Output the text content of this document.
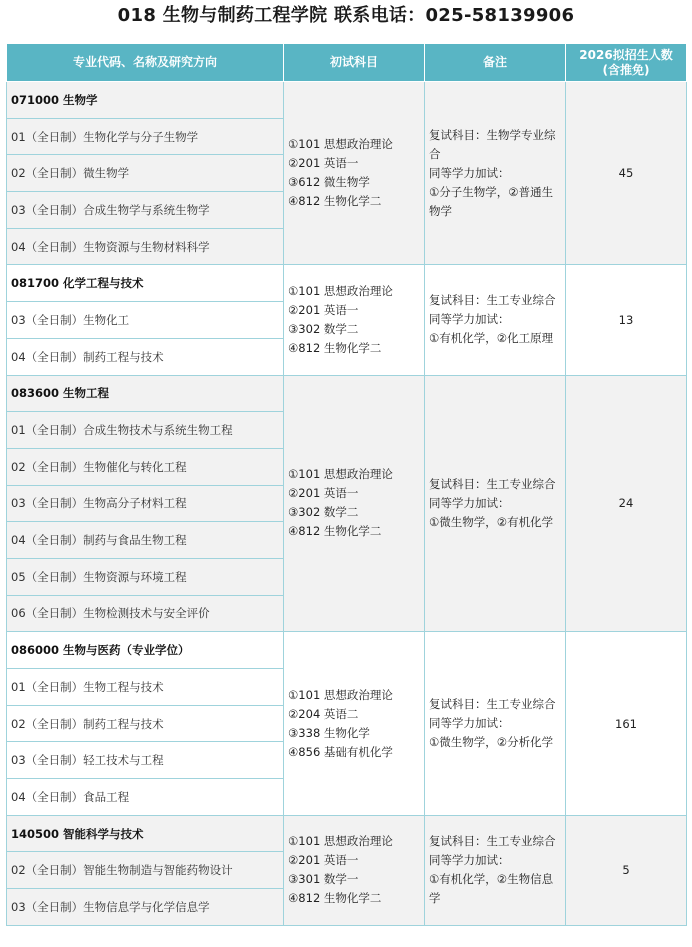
018 生物与制药工程学院 联系电话：025-58139906
专业代码、名称及研究方向	初试科目	备注	2026拟招生人数
(含推免)

071000 生物学	①101 思想政治理论
②201 英语一
③612 微生物学
④812 生物化学二	复试科目：生物学专业综合
同等学力加试：
①分子生物学，②普通生物学	45
01（全日制）生物化学与分子生物学			
02（全日制）微生物学			
03（全日制）合成生物学与系统生物学			
04（全日制）生物资源与生物材料科学			
081700 化学工程与技术	①101 思想政治理论
②201 英语一
③302 数学二
④812 生物化学二	复试科目：生工专业综合
同等学力加试：
①有机化学，②化工原理	13
03（全日制）生物化工			
04（全日制）制药工程与技术			
083600 生物工程	①101 思想政治理论
②201 英语一
③302 数学二
④812 生物化学二	复试科目：生工专业综合
同等学力加试：
①微生物学，②有机化学	24
01（全日制）合成生物技术与系统生物工程			
02（全日制）生物催化与转化工程			
03（全日制）生物高分子材料工程			
04（全日制）制药与食品生物工程			
05（全日制）生物资源与环境工程			
06（全日制）生物检测技术与安全评价			
086000 生物与医药（专业学位）	①101 思想政治理论
②204 英语二
③338 生物化学
④856 基础有机化学	复试科目：生工专业综合
同等学力加试：
①微生物学，②分析化学	161
01（全日制）生物工程与技术			
02（全日制）制药工程与技术			
03（全日制）轻工技术与工程			
04（全日制）食品工程			
140500 智能科学与技术	①101 思想政治理论
②201 英语一
③301 数学一
④812 生物化学二	复试科目：生工专业综合
同等学力加试：
①有机化学，②生物信息学	5
02（全日制）智能生物制造与智能药物设计			
03（全日制）生物信息学与化学信息学			
